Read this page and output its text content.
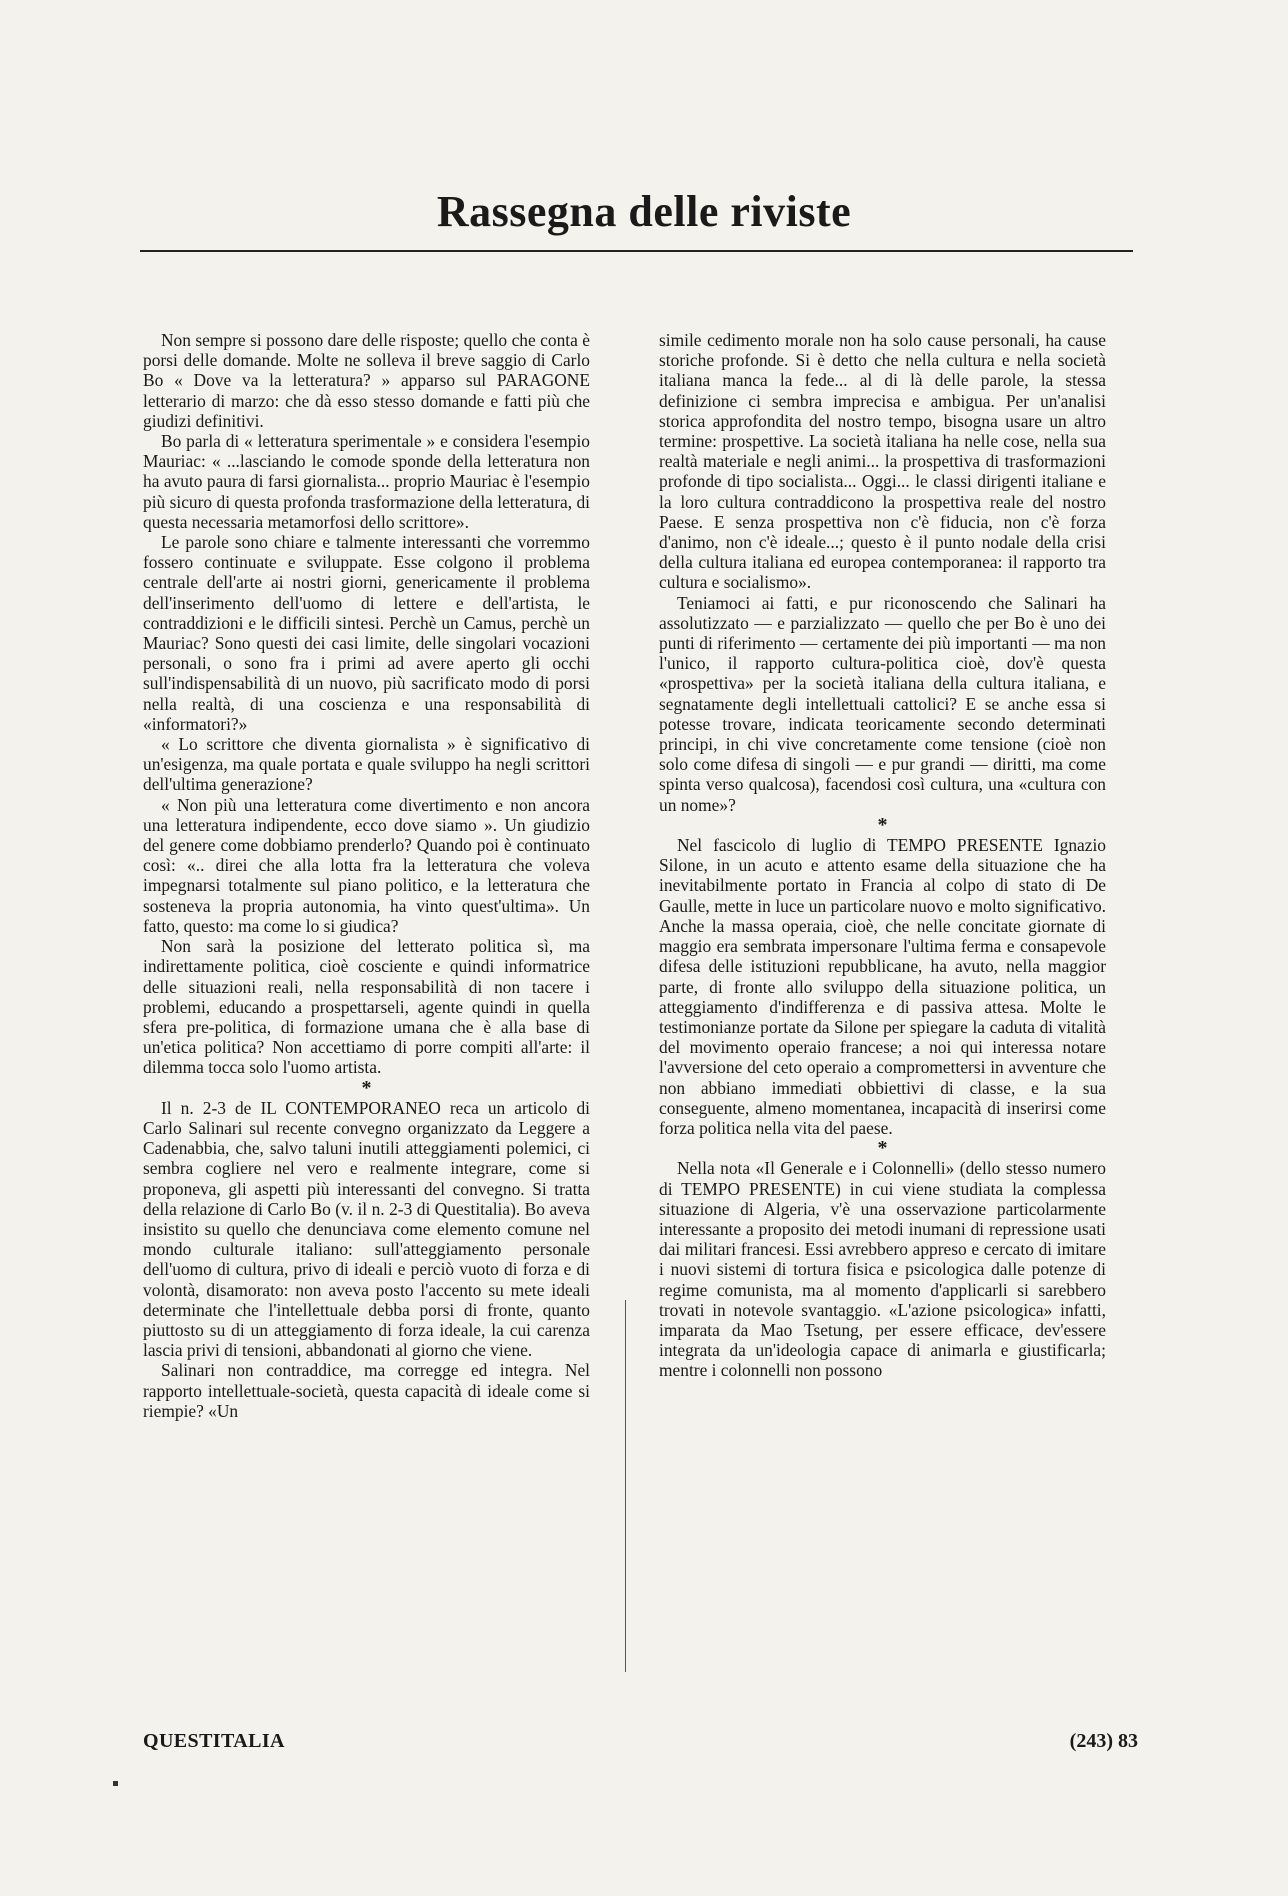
Rassegna delle riviste

Non sempre si possono dare delle risposte; quello che conta è porsi delle domande. Molte ne solleva il breve saggio di Carlo Bo « Dove va la letteratura? » apparso sul PARAGONE letterario di marzo: che dà esso stesso domande e fatti più che giudizi definitivi.

Bo parla di « letteratura sperimentale » e considera l'esempio Mauriac: « ...lasciando le comode sponde della letteratura non ha avuto paura di farsi giornalista... proprio Mauriac è l'esempio più sicuro di questa profonda trasformazione della letteratura, di questa necessaria metamorfosi dello scrittore».

Le parole sono chiare e talmente interessanti che vorremmo fossero continuate e sviluppate. Esse colgono il problema centrale dell'arte ai nostri giorni, genericamente il problema dell'inserimento dell'uomo di lettere e dell'artista, le contraddizioni e le difficili sintesi. Perchè un Camus, perchè un Mauriac? Sono questi dei casi limite, delle singolari vocazioni personali, o sono fra i primi ad avere aperto gli occhi sull'indispensabilità di un nuovo, più sacrificato modo di porsi nella realtà, di una coscienza e una responsabilità di «informatori?»

« Lo scrittore che diventa giornalista » è significativo di un'esigenza, ma quale portata e quale sviluppo ha negli scrittori dell'ultima generazione?

« Non più una letteratura come divertimento e non ancora una letteratura indipendente, ecco dove siamo ». Un giudizio del genere come dobbiamo prenderlo? Quando poi è continuato così: «.. direi che alla lotta fra la letteratura che voleva impegnarsi totalmente sul piano politico, e la letteratura che sosteneva la propria autonomia, ha vinto quest'ultima». Un fatto, questo: ma come lo si giudica?

Non sarà la posizione del letterato politica sì, ma indirettamente politica, cioè cosciente e quindi informatrice delle situazioni reali, nella responsabilità di non tacere i problemi, educando a prospettarseli, agente quindi in quella sfera pre-politica, di formazione umana che è alla base di un'etica politica? Non accettiamo di porre compiti all'arte: il dilemma tocca solo l'uomo artista.

*

Il n. 2-3 de IL CONTEMPORANEO reca un articolo di Carlo Salinari sul recente convegno organizzato da Leggere a Cadenabbia, che, salvo taluni inutili atteggiamenti polemici, ci sembra cogliere nel vero e realmente integrare, come si proponeva, gli aspetti più interessanti del convegno. Si tratta della relazione di Carlo Bo (v. il n. 2-3 di Questitalia). Bo aveva insistito su quello che denunciava come elemento comune nel mondo culturale italiano: sull'atteggiamento personale dell'uomo di cultura, privo di ideali e perciò vuoto di forza e di volontà, disamorato: non aveva posto l'accento su mete ideali determinate che l'intellettuale debba porsi di fronte, quanto piuttosto su di un atteggiamento di forza ideale, la cui carenza lascia privi di tensioni, abbandonati al giorno che viene.

Salinari non contraddice, ma corregge ed integra. Nel rapporto intellettuale-società, questa capacità di ideale come si riempie? «Un

simile cedimento morale non ha solo cause personali, ha cause storiche profonde. Si è detto che nella cultura e nella società italiana manca la fede... al di là delle parole, la stessa definizione ci sembra imprecisa e ambigua. Per un'analisi storica approfondita del nostro tempo, bisogna usare un altro termine: prospettive. La società italiana ha nelle cose, nella sua realtà materiale e negli animi... la prospettiva di trasformazioni profonde di tipo socialista... Oggi... le classi dirigenti italiane e la loro cultura contraddicono la prospettiva reale del nostro Paese. E senza prospettiva non c'è fiducia, non c'è forza d'animo, non c'è ideale...; questo è il punto nodale della crisi della cultura italiana ed europea contemporanea: il rapporto tra cultura e socialismo».

Teniamoci ai fatti, e pur riconoscendo che Salinari ha assolutizzato — e parzializzato — quello che per Bo è uno dei punti di riferimento — certamente dei più importanti — ma non l'unico, il rapporto cultura-politica cioè, dov'è questa «prospettiva» per la società italiana della cultura italiana, e segnatamente degli intellettuali cattolici? E se anche essa si potesse trovare, indicata teoricamente secondo determinati principi, in chi vive concretamente come tensione (cioè non solo come difesa di singoli — e pur grandi — diritti, ma come spinta verso qualcosa), facendosi così cultura, una «cultura con un nome»?

*

Nel fascicolo di luglio di TEMPO PRESENTE Ignazio Silone, in un acuto e attento esame della situazione che ha inevitabilmente portato in Francia al colpo di stato di De Gaulle, mette in luce un particolare nuovo e molto significativo. Anche la massa operaia, cioè, che nelle concitate giornate di maggio era sembrata impersonare l'ultima ferma e consapevole difesa delle istituzioni repubblicane, ha avuto, nella maggior parte, di fronte allo sviluppo della situazione politica, un atteggiamento d'indifferenza e di passiva attesa. Molte le testimonianze portate da Silone per spiegare la caduta di vitalità del movimento operaio francese; a noi qui interessa notare l'avversione del ceto operaio a compromettersi in avventure che non abbiano immediati obbiettivi di classe, e la sua conseguente, almeno momentanea, incapacità di inserirsi come forza politica nella vita del paese.

*

Nella nota «Il Generale e i Colonnelli» (dello stesso numero di TEMPO PRESENTE) in cui viene studiata la complessa situazione di Algeria, v'è una osservazione particolarmente interessante a proposito dei metodi inumani di repressione usati dai militari francesi. Essi avrebbero appreso e cercato di imitare i nuovi sistemi di tortura fisica e psicologica dalle potenze di regime comunista, ma al momento d'applicarli si sarebbero trovati in notevole svantaggio. «L'azione psicologica» infatti, imparata da Mao Tsetung, per essere efficace, dev'essere integrata da un'ideologia capace di animarla e giustificarla; mentre i colonnelli non possono

QUESTITALIA	(243) 83
